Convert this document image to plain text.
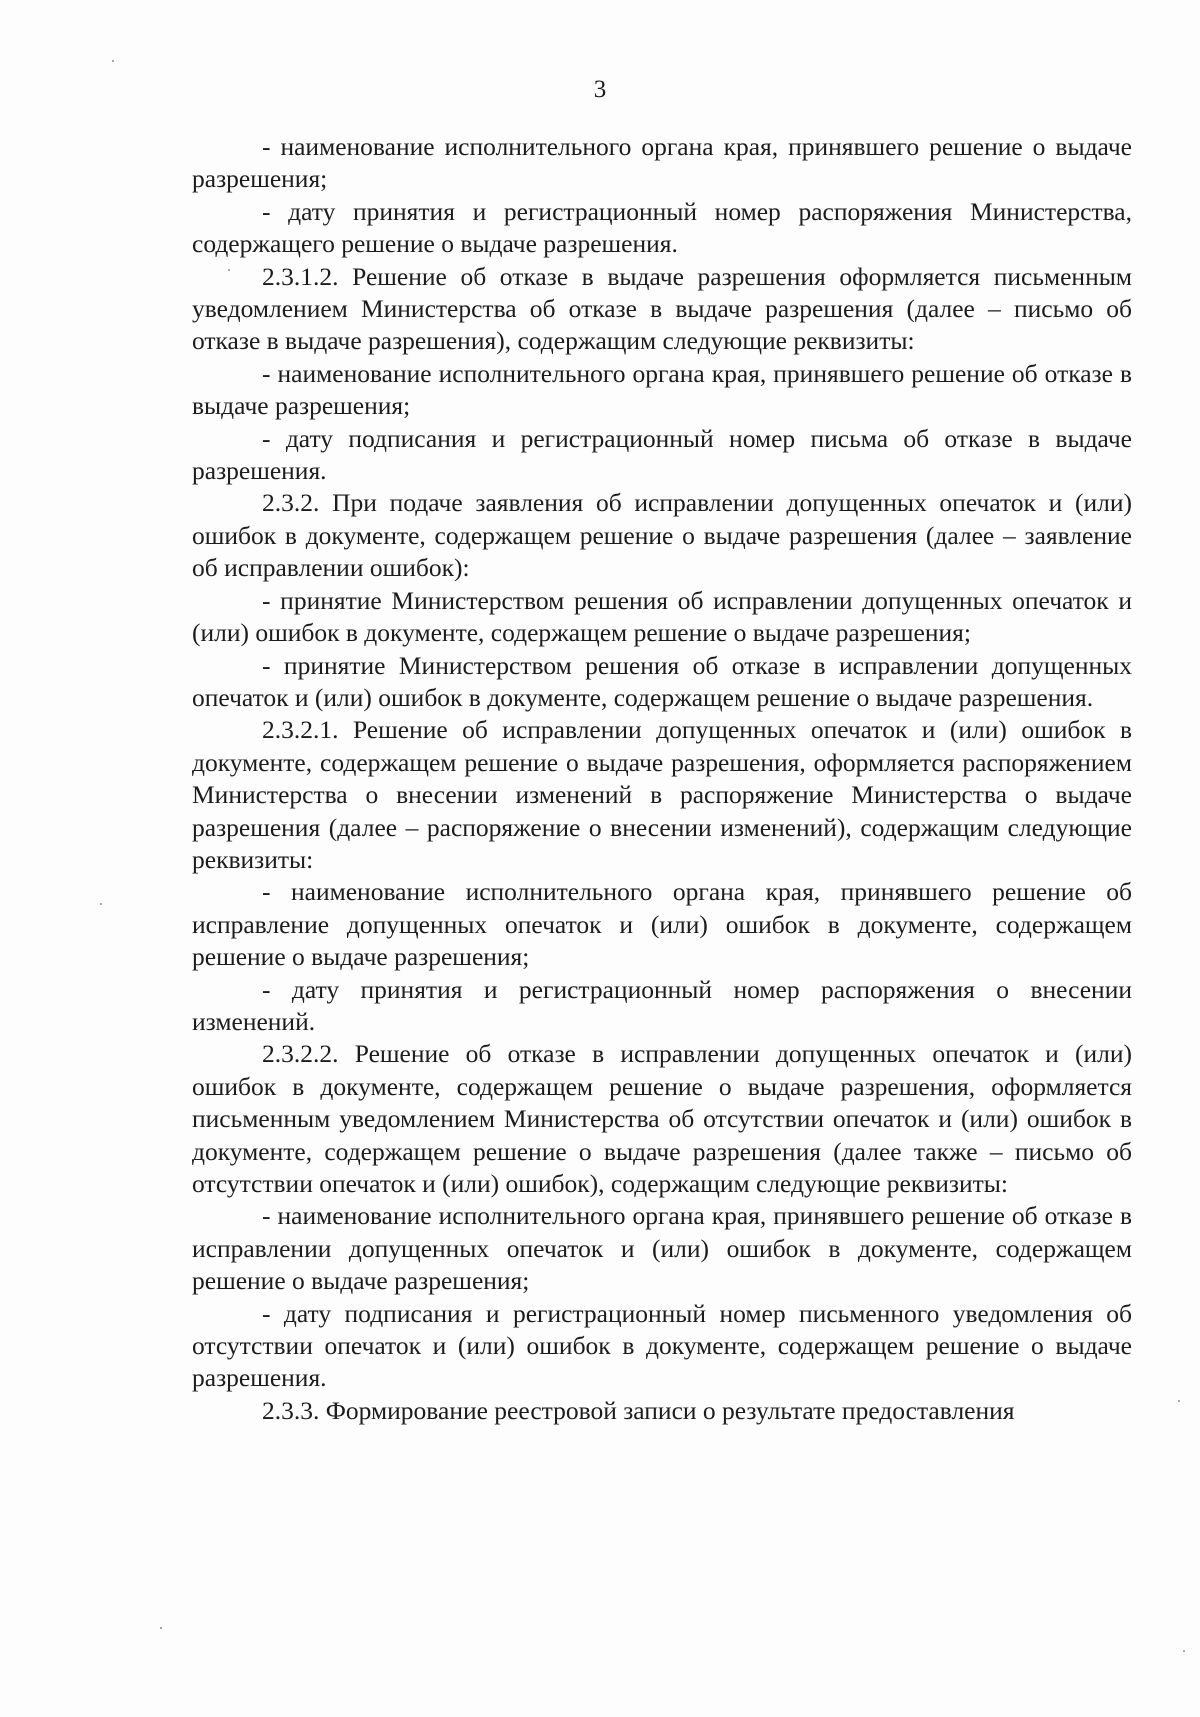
3

- наименование исполнительного органа края, принявшего решение о выдаче разрешения;

- дату принятия и регистрационный номер распоряжения Министерства, содержащего решение о выдаче разрешения.

2.3.1.2. Решение об отказе в выдаче разрешения оформляется письменным уведомлением Министерства об отказе в выдаче разрешения (далее – письмо об отказе в выдаче разрешения), содержащим следующие реквизиты:

- наименование исполнительного органа края, принявшего решение об отказе в выдаче разрешения;

- дату подписания и регистрационный номер письма об отказе в выдаче разрешения.

2.3.2. При подаче заявления об исправлении допущенных опечаток и (или) ошибок в документе, содержащем решение о выдаче разрешения (далее – заявление об исправлении ошибок):

- принятие Министерством решения об исправлении допущенных опечаток и (или) ошибок в документе, содержащем решение о выдаче разрешения;

- принятие Министерством решения об отказе в исправлении допущенных опечаток и (или) ошибок в документе, содержащем решение о выдаче разрешения.

2.3.2.1. Решение об исправлении допущенных опечаток и (или) ошибок в документе, содержащем решение о выдаче разрешения, оформляется распоряжением Министерства о внесении изменений в распоряжение Министерства о выдаче разрешения (далее – распоряжение о внесении изменений), содержащим следующие реквизиты:

- наименование исполнительного органа края, принявшего решение об исправление допущенных опечаток и (или) ошибок в документе, содержащем решение о выдаче разрешения;

- дату принятия и регистрационный номер распоряжения о внесении изменений.

2.3.2.2. Решение об отказе в исправлении допущенных опечаток и (или) ошибок в документе, содержащем решение о выдаче разрешения, оформляется письменным уведомлением Министерства об отсутствии опечаток и (или) ошибок в документе, содержащем решение о выдаче разрешения (далее также – письмо об отсутствии опечаток и (или) ошибок), содержащим следующие реквизиты:

- наименование исполнительного органа края, принявшего решение об отказе в исправлении допущенных опечаток и (или) ошибок в документе, содержащем решение о выдаче разрешения;

- дату подписания и регистрационный номер письменного уведомления об отсутствии опечаток и (или) ошибок в документе, содержащем решение о выдаче разрешения.

2.3.3. Формирование реестровой записи о результате предоставления
